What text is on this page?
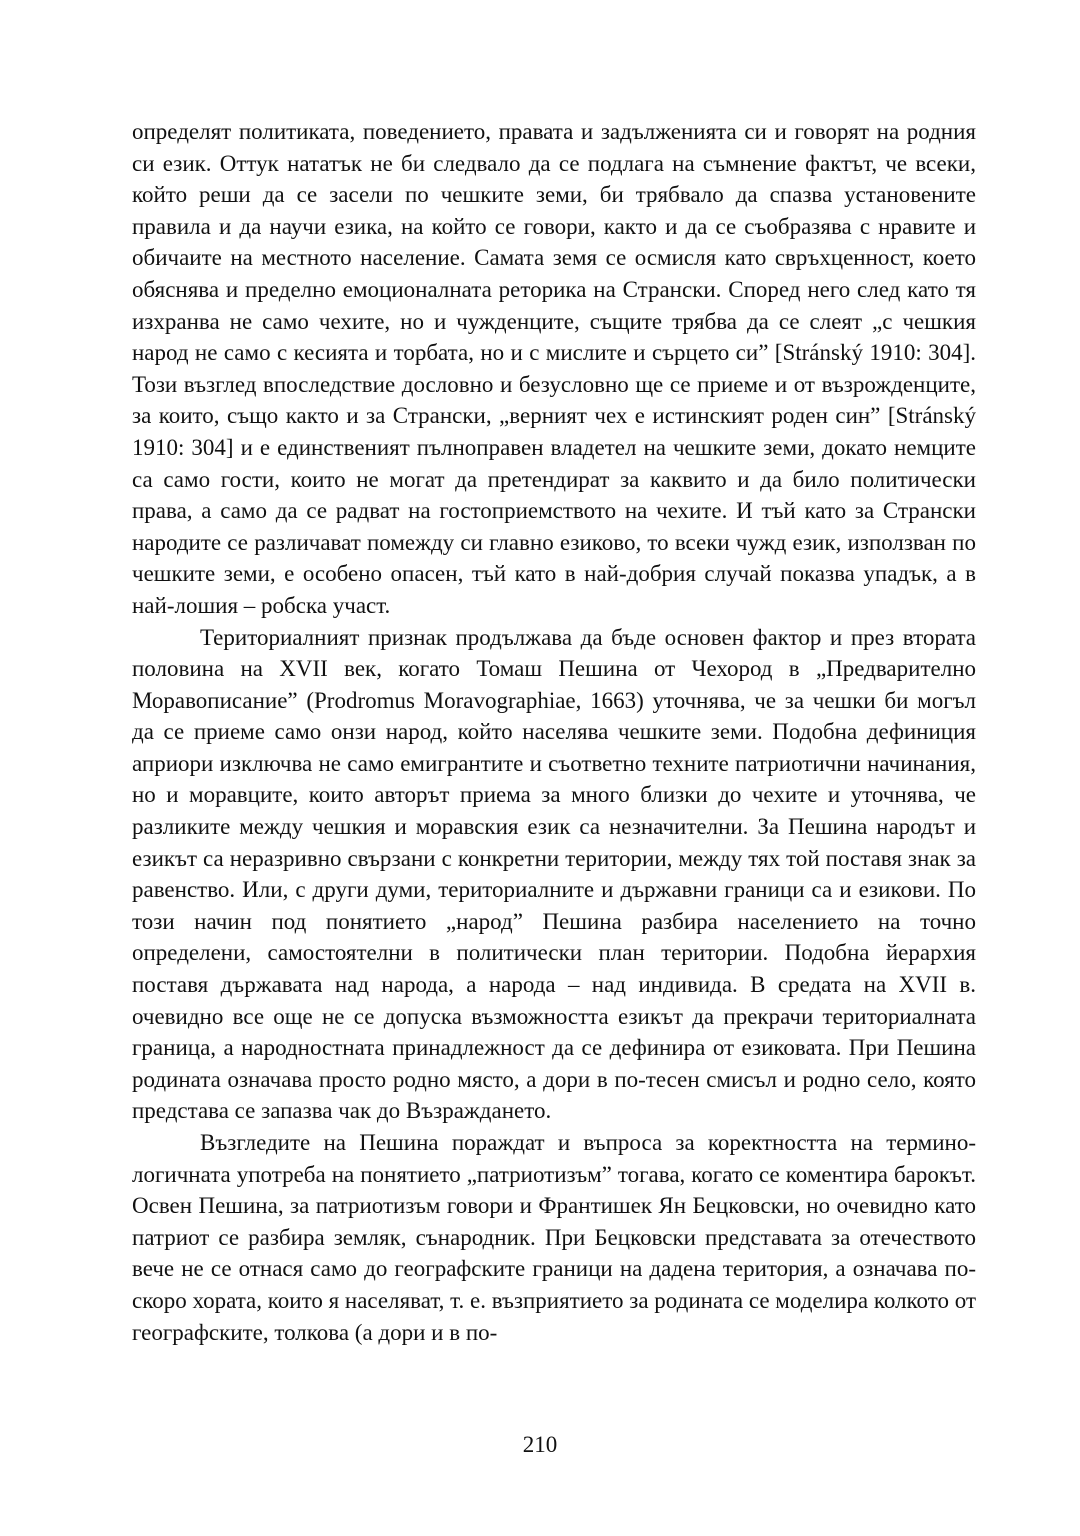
определят политиката, поведението, правата и задълженията си и говорят на родния си език. Оттук нататък не би следвало да се подлага на съмнение фактът, че всеки, който реши да се засели по чешките земи, би трябвало да спазва установените правила и да научи езика, на който се говори, както и да се съобразява с нравите и обичаите на местното население. Самата земя се осмисля като свръхценност, което обяснява и пределно емоционалната реторика на Странски. Според него след като тя изхранва не само чехите, но и чужденците, същите трябва да се слеят „с чешкия народ не само с кесията и торбата, но и с мислите и сърцето си” [Stránský 1910: 304]. Този възглед впоследствие дословно и безусловно ще се приеме и от възрожденците, за които, също както и за Странски, „верният чех е истинският роден син” [Stránský 1910: 304] и е единственият пълноправен владетел на чешките земи, докато немците са само гости, които не могат да претендират за каквито и да било политически права, а само да се радват на гостоприемството на чехите. И тъй като за Странски народите се различават помежду си главно езиково, то всеки чужд език, използван по чешките земи, е особено опасен, тъй като в най-добрия случай показва упадък, а в най-лошия – робска участ.

Териториалният признак продължава да бъде основен фактор и през втората половина на XVII век, когато Томаш Пешина от Чехород в „Предварително Моравописание” (Prodromus Moravographiae, 1663) уточнява, че за чешки би могъл да се приеме само онзи народ, който населява чешките земи. Подобна дефиниция априори изключва не само емигрантите и съответно техните патриотични начинания, но и моравците, които авторът приема за много близки до чехите и уточнява, че разликите между чешкия и моравския език са незначителни. За Пешина народът и езикът са неразривно свързани с конкретни територии, между тях той поставя знак за равенство. Или, с други думи, териториалните и държавни граници са и езикови. По този начин под понятието „народ” Пешина разбира населението на точно определени, самостоятелни в политически план територии. Подобна йерархия поставя държавата над народа, а народа – над индивида. В средата на XVII в. очевидно все още не се допуска възможността езикът да прекрачи териториалната граница, а народностната принадлежност да се дефинира от езиковата. При Пешина родината означава просто родно място, а дори в по-тесен смисъл и родно село, която представа се запазва чак до Възраждането.

Възгледите на Пешина пораждат и въпроса за коректността на терминологичната употреба на понятието „патриотизъм” тогава, когато се коментира барокът. Освен Пешина, за патриотизъм говори и Франтишек Ян Бецковски, но очевидно като патриот се разбира земляк, сънародник. При Бецковски представата за отечеството вече не се отнася само до географските граници на дадена територия, а означава по-скоро хората, които я населяват, т. е. възприятието за родината се моделира колкото от географските, толкова (а дори и в по-

210
